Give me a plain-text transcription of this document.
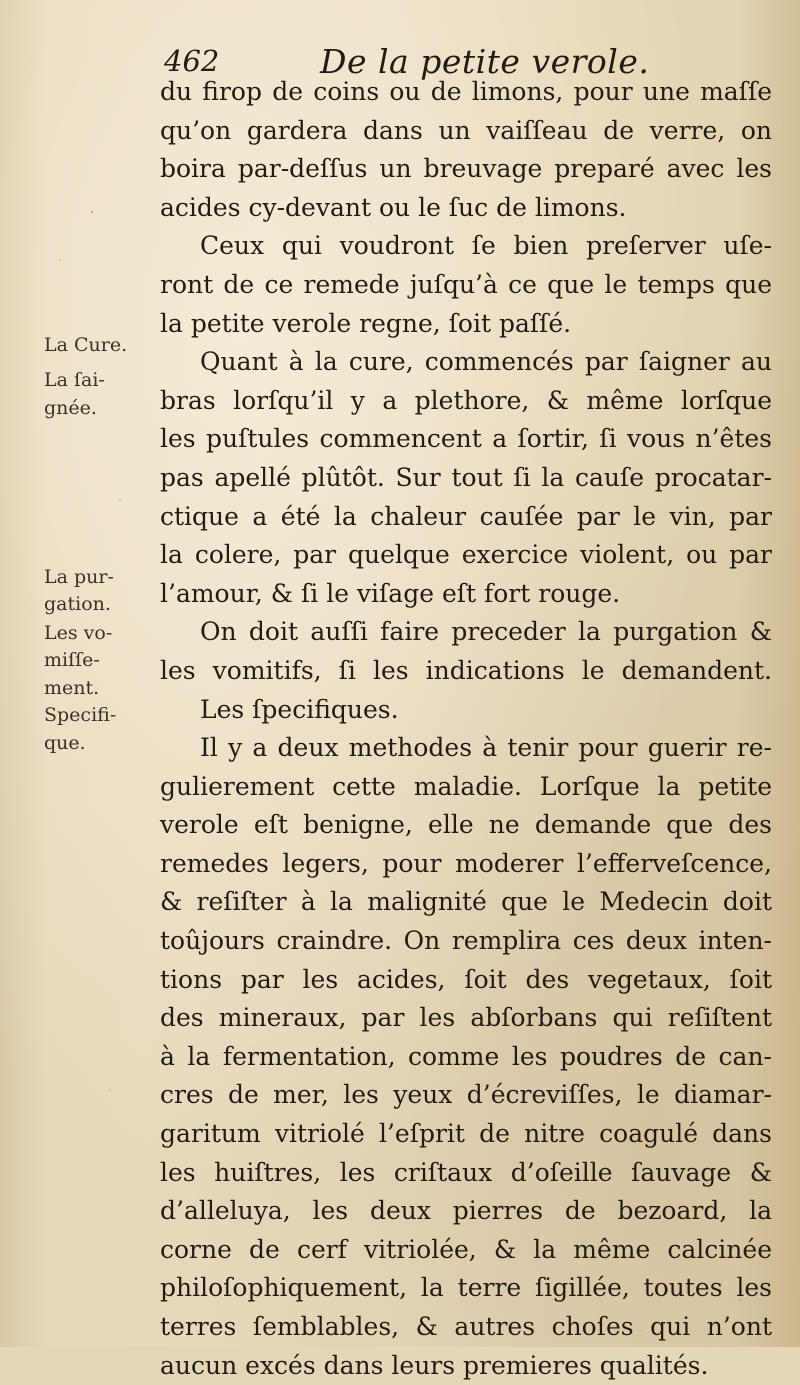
462	De la petite verole.
du firop de coins ou de limons, pour une maſſe
qu’on gardera dans un vaiſſeau de verre, on
boira par-deſſus un breuvage preparé avec les
acides cy-devant ou le ſuc de limons.
Ceux qui voudront ſe bien preſerver uſe-
ront de ce remede juſqu’à ce que le temps que
la petite verole regne, ſoit paſſé.
Quant à la cure, commencés par ſaigner au
bras lorſqu’il y a plethore, & même lorſque
les puſtules commencent a ſortir, ſi vous n’êtes
pas apellé plûtôt. Sur tout ſi la cauſe procatar-
ctique a été la chaleur cauſée par le vin, par
la colere, par quelque exercice violent, ou par
l’amour, & ſi le viſage eſt fort rouge.
On doit auſſi faire preceder la purgation &
les vomitifs, ſi les indications le demandent.
Les ſpecifiques.
Il y a deux methodes à tenir pour guerir re-
gulierement cette maladie. Lorſque la petite
verole eſt benigne, elle ne demande que des
remedes legers, pour moderer l’efferveſcence,
& reſiſter à la malignité que le Medecin doit
toûjours craindre. On remplira ces deux inten-
tions par les acides, ſoit des vegetaux, ſoit
des mineraux, par les abſorbans qui reſiſtent
à la fermentation, comme les poudres de can-
cres de mer, les yeux d’écreviſſes, le diamar-
garitum vitriolé l’eſprit de nitre coagulé dans
les huiſtres, les criſtaux d’oſeille ſauvage &
d’alleluya, les deux pierres de bezoard, la
corne de cerf vitriolée, & la même calcinée
philoſophiquement, la terre ſigillée, toutes les
terres ſemblables, & autres choſes qui n’ont
aucun excés dans leurs premieres qualités.
La Cure.
La ſai-
gnée.
La pur-
gation.
Les vo-
miſſe-
ment.
Specifi-
que.
